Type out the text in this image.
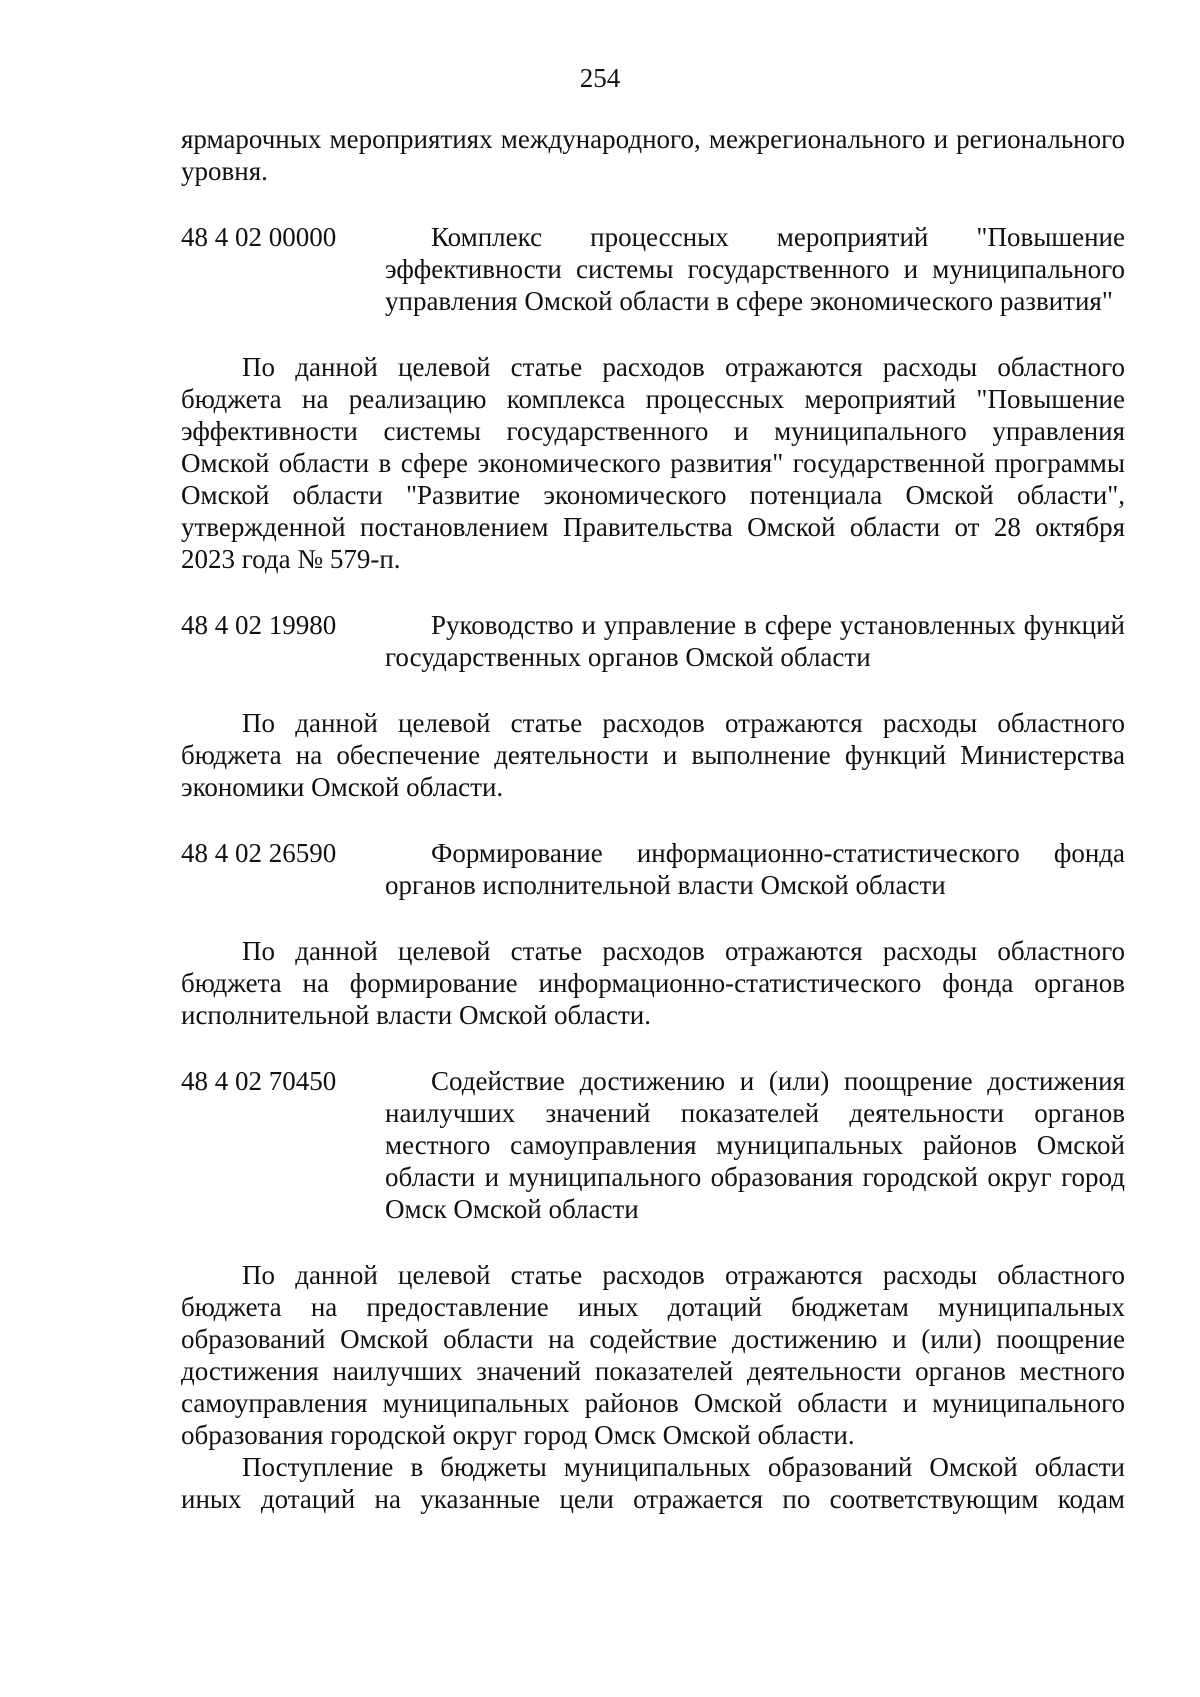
254

ярмарочных мероприятиях международного, межрегионального и регионального уровня.

48 4 02 00000	Комплекс процессных мероприятий "Повышение эффективности системы государственного и муниципального управления Омской области в сфере экономического развития"

По данной целевой статье расходов отражаются расходы областного бюджета на реализацию комплекса процессных мероприятий "Повышение эффективности системы государственного и муниципального управления Омской области в сфере экономического развития" государственной программы Омской области "Развитие экономического потенциала Омской области", утвержденной постановлением Правительства Омской области от 28 октября 2023 года № 579-п.

48 4 02 19980	Руководство и управление в сфере установленных функций государственных органов Омской области

По данной целевой статье расходов отражаются расходы областного бюджета на обеспечение деятельности и выполнение функций Министерства экономики Омской области.

48 4 02 26590	Формирование информационно-статистического фонда органов исполнительной власти Омской области

По данной целевой статье расходов отражаются расходы областного бюджета на формирование информационно-статистического фонда органов исполнительной власти Омской области.

48 4 02 70450	Содействие достижению и (или) поощрение достижения наилучших значений показателей деятельности органов местного самоуправления муниципальных районов Омской области и муниципального образования городской округ город Омск Омской области

По данной целевой статье расходов отражаются расходы областного бюджета на предоставление иных дотаций бюджетам муниципальных образований Омской области на содействие достижению и (или) поощрение достижения наилучших значений показателей деятельности органов местного самоуправления муниципальных районов Омской области и муниципального образования городской округ город Омск Омской области.

Поступление в бюджеты муниципальных образований Омской области иных дотаций на указанные цели отражается по соответствующим кодам
